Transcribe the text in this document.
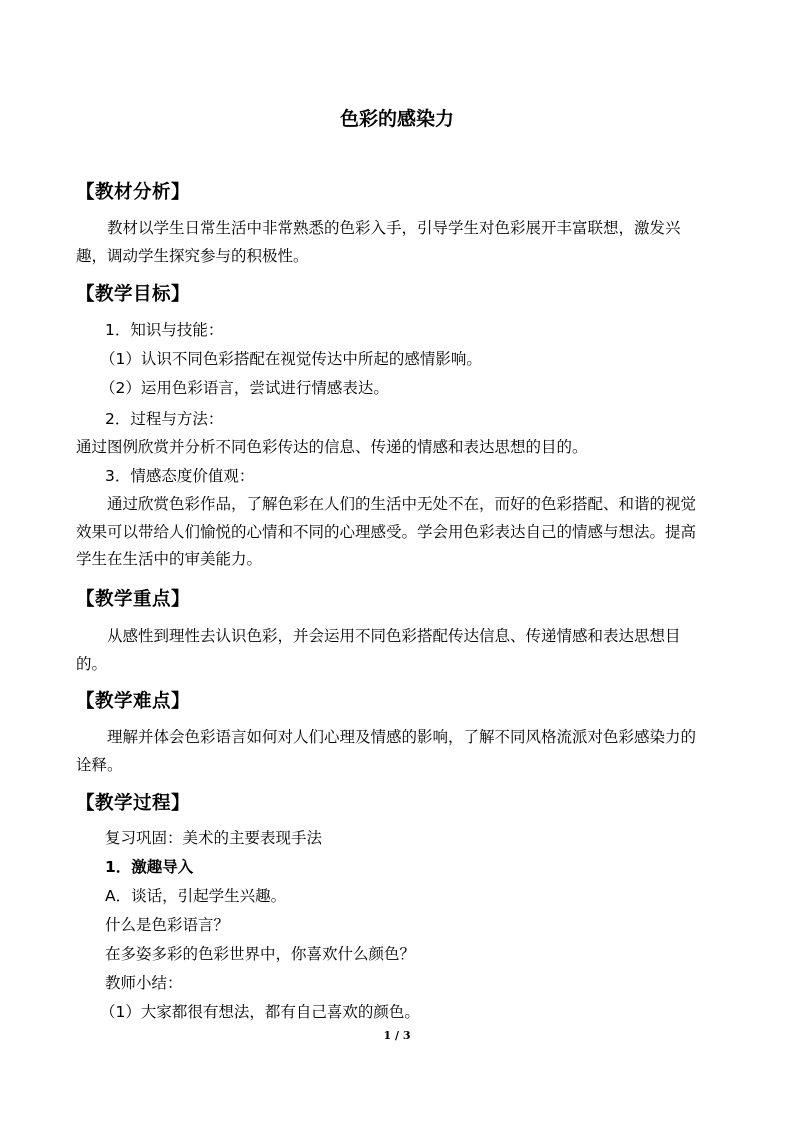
色彩的感染力
【教材分析】

教材以学生日常生活中非常熟悉的色彩入手，引导学生对色彩展开丰富联想，激发兴趣，调动学生探究参与的积极性。

【教学目标】
1．知识与技能：
（1）认识不同色彩搭配在视觉传达中所起的感情影响。
（2）运用色彩语言，尝试进行情感表达。
2．过程与方法：
通过图例欣赏并分析不同色彩传达的信息、传递的情感和表达思想的目的。
3．情感态度价值观：

通过欣赏色彩作品，了解色彩在人们的生活中无处不在，而好的色彩搭配、和谐的视觉效果可以带给人们愉悦的心情和不同的心理感受。学会用色彩表达自己的情感与想法。提高学生在生活中的审美能力。

【教学重点】

从感性到理性去认识色彩，并会运用不同色彩搭配传达信息、传递情感和表达思想目的。

【教学难点】

理解并体会色彩语言如何对人们心理及情感的影响，了解不同风格流派对色彩感染力的诠释。

【教学过程】
复习巩固：美术的主要表现手法
1．激趣导入
A．谈话，引起学生兴趣。
什么是色彩语言？
在多姿多彩的色彩世界中，你喜欢什么颜色？
教师小结：
（1）大家都很有想法，都有自己喜欢的颜色。
1 / 3
